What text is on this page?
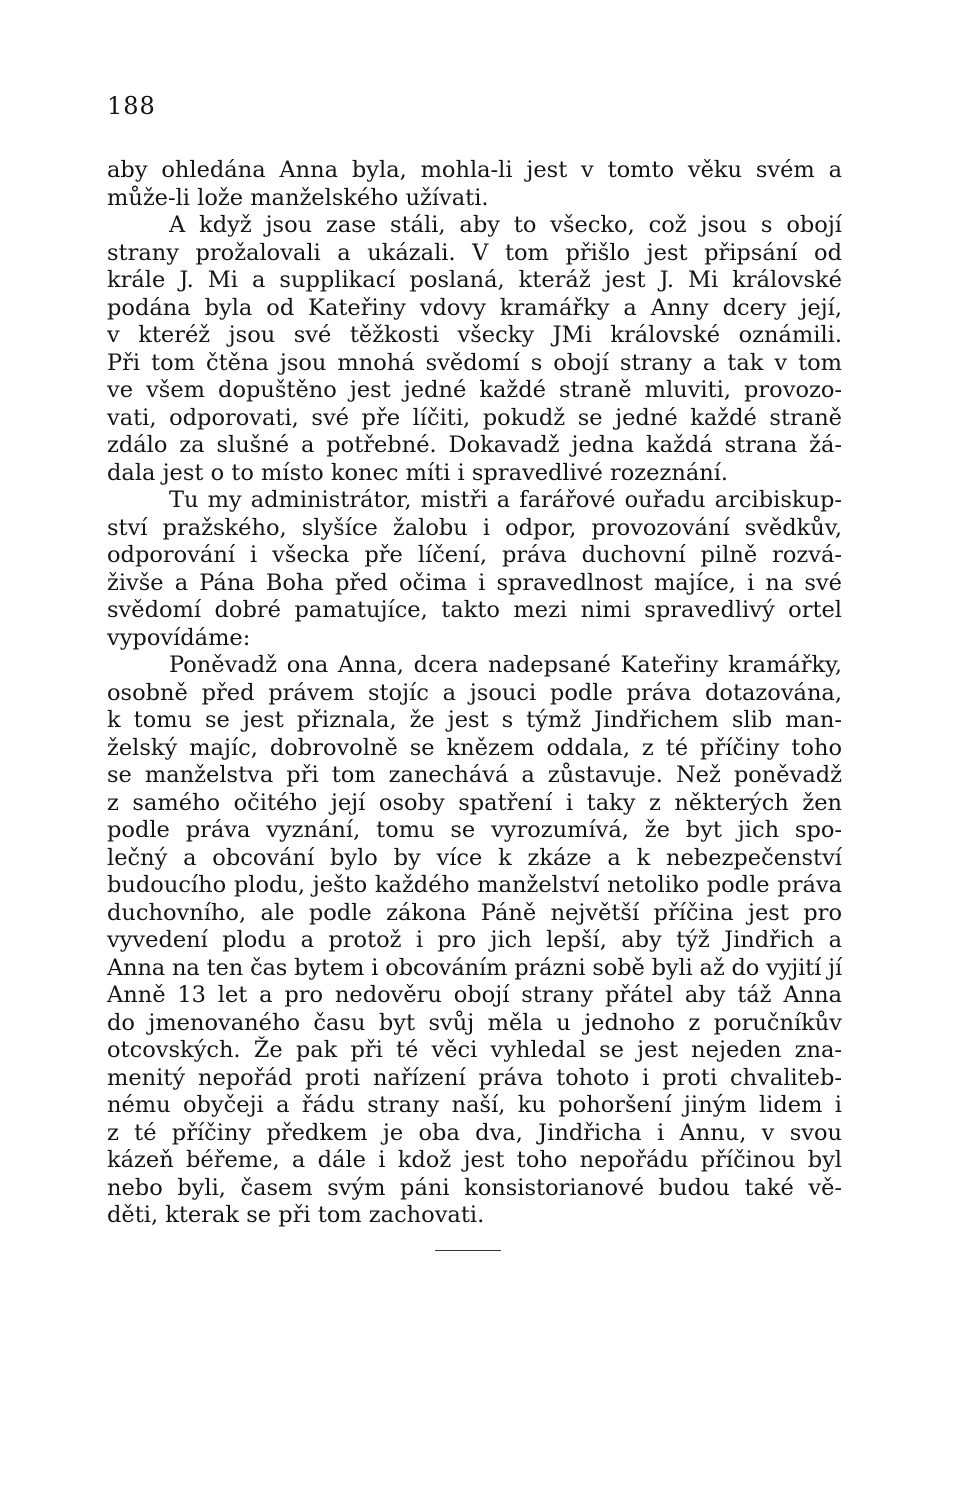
188
aby ohledána Anna byla, mohla-li jest v tomto věku svém a
může-li lože manželského užívati.
A když jsou zase stáli, aby to všecko, což jsou s obojí
strany prožalovali a ukázali. V tom přišlo jest připsání od
krále J. Mi a supplikací poslaná, kteráž jest J. Mi královské
podána byla od Kateřiny vdovy kramářky a Anny dcery její,
v kteréž jsou své těžkosti všecky JMi královské oznámili.
Při tom čtěna jsou mnohá svědomí s obojí strany a tak v tom
ve všem dopuštěno jest jedné každé straně mluviti, provozo-
vati, odporovati, své pře líčiti, pokudž se jedné každé straně
zdálo za slušné a potřebné. Dokavadž jedna každá strana žá-
dala jest o to místo konec míti i spravedlivé rozeznání.
Tu my administrátor, mistři a farářové ouřadu arcibiskup-
ství pražského, slyšíce žalobu i odpor, provozování svědkův,
odporování i všecka pře líčení, práva duchovní pilně rozvá-
živše a Pána Boha před očima i spravedlnost majíce, i na své
svědomí dobré pamatujíce, takto mezi nimi spravedlivý ortel
vypovídáme:
Poněvadž ona Anna, dcera nadepsané Kateřiny kramářky,
osobně před právem stojíc a jsouci podle práva dotazována,
k tomu se jest přiznala, že jest s týmž Jindřichem slib man-
želský majíc, dobrovolně se knězem oddala, z té příčiny toho
se manželstva při tom zanechává a zůstavuje. Než poněvadž
z samého očitého její osoby spatření i taky z některých žen
podle práva vyznání, tomu se vyrozumívá, že byt jich spo-
lečný a obcování bylo by více k zkáze a k nebezpečenství
budoucího plodu, ješto každého manželství netoliko podle práva
duchovního, ale podle zákona Páně největší příčina jest pro
vyvedení plodu a protož i pro jich lepší, aby týž Jindřich a
Anna na ten čas bytem i obcováním prázni sobě byli až do vyjití jí
Anně 13 let a pro nedověru obojí strany přátel aby táž Anna
do jmenovaného času byt svůj měla u jednoho z poručníkův
otcovských. Že pak při té věci vyhledal se jest nejeden zna-
menitý nepořád proti nařízení práva tohoto i proti chvaliteb-
nému obyčeji a řádu strany naší, ku pohoršení jiným lidem i
z té příčiny předkem je oba dva, Jindřicha i Annu, v svou
kázeň béřeme, a dále i kdož jest toho nepořádu příčinou byl
nebo byli, časem svým páni konsistorianové budou také vě-
děti, kterak se při tom zachovati.
